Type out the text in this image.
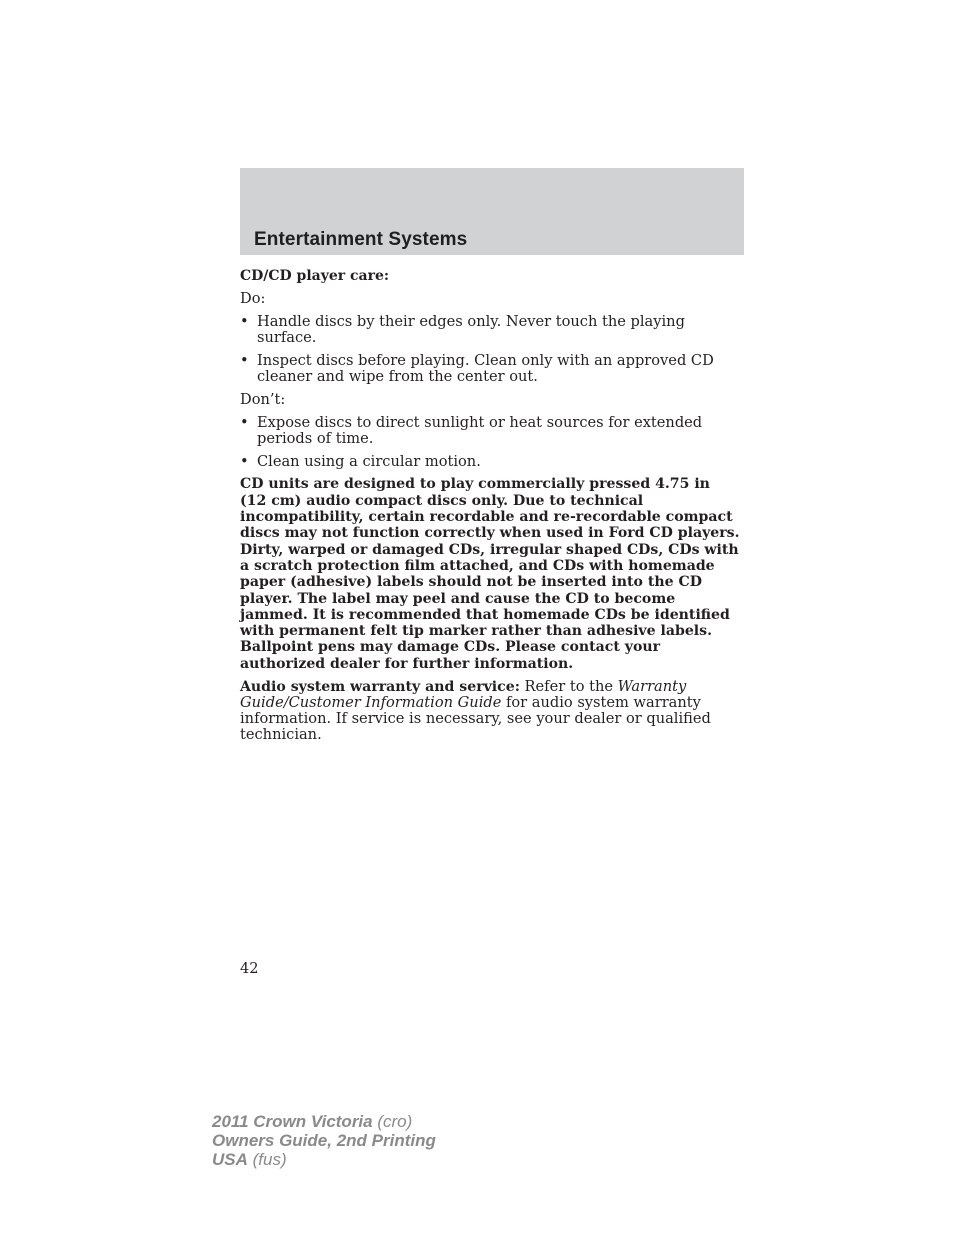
Entertainment Systems

CD/CD player care:

Do:

• Handle discs by their edges only. Never touch the playing surface.
• Inspect discs before playing. Clean only with an approved CD cleaner and wipe from the center out.

Don’t:

• Expose discs to direct sunlight or heat sources for extended periods of time.
• Clean using a circular motion.

CD units are designed to play commercially pressed 4.75 in (12 cm) audio compact discs only. Due to technical incompatibility, certain recordable and re-recordable compact discs may not function correctly when used in Ford CD players. Dirty, warped or damaged CDs, irregular shaped CDs, CDs with a scratch protection film attached, and CDs with homemade paper (adhesive) labels should not be inserted into the CD player. The label may peel and cause the CD to become jammed. It is recommended that homemade CDs be identified with permanent felt tip marker rather than adhesive labels. Ballpoint pens may damage CDs. Please contact your authorized dealer for further information.

Audio system warranty and service: Refer to the Warranty Guide/Customer Information Guide for audio system warranty information. If service is necessary, see your dealer or qualified technician.

42
2011 Crown Victoria (cro)
Owners Guide, 2nd Printing
USA (fus)
